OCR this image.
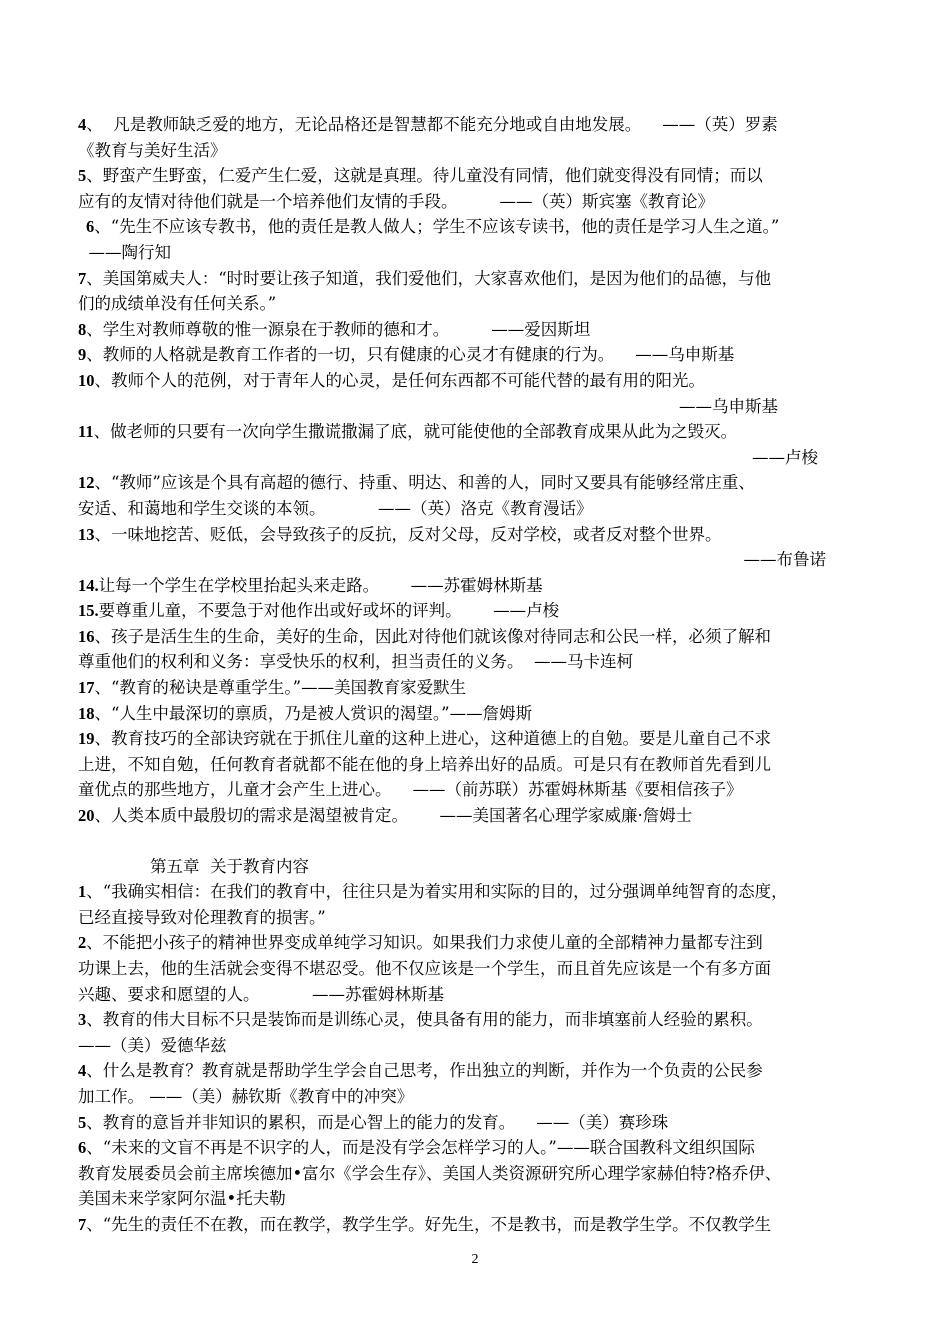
4、  凡是教师缺乏爱的地方，无论品格还是智慧都不能充分地或自由地发展。    ——（英）罗素
《教育与美好生活》
5、野蛮产生野蛮，仁爱产生仁爱，这就是真理。待儿童没有同情，他们就变得没有同情；而以
应有的友情对待他们就是一个培养他们友情的手段。        ——（英）斯宾塞《教育论》
6、“先生不应该专教书，他的责任是教人做人；学生不应该专读书，他的责任是学习人生之道。”
——陶行知
7、美国第威夫人：“时时要让孩子知道，我们爱他们，大家喜欢他们，是因为他们的品德，与他
们的成绩单没有任何关系。”
8、学生对教师尊敬的惟一源泉在于教师的德和才。        ——爱因斯坦
9、教师的人格就是教育工作者的一切，只有健康的心灵才有健康的行为。    ——乌申斯基
10、教师个人的范例，对于青年人的心灵，是任何东西都不可能代替的最有用的阳光。
——乌申斯基
11、做老师的只要有一次向学生撒谎撒漏了底，就可能使他的全部教育成果从此为之毁灭。
——卢梭
12、“教师”应该是个具有高超的德行、持重、明达、和善的人，同时又要具有能够经常庄重、
安适、和蔼地和学生交谈的本领。          ——（英）洛克《教育漫话》
13、一味地挖苦、贬低，会导致孩子的反抗，反对父母，反对学校，或者反对整个世界。
——布鲁诺
14.让每一个学生在学校里抬起头来走路。      ——苏霍姆林斯基
15.要尊重儿童，不要急于对他作出或好或坏的评判。      ——卢梭
16、孩子是活生生的生命，美好的生命，因此对待他们就该像对待同志和公民一样，必须了解和
尊重他们的权利和义务：享受快乐的权利，担当责任的义务。  ——马卡连柯
17、“教育的秘诀是尊重学生。”——美国教育家爱默生
18、“人生中最深切的禀质，乃是被人赏识的渴望。”——詹姆斯
19、教育技巧的全部诀窍就在于抓住儿童的这种上进心，这种道德上的自勉。要是儿童自己不求
上进，不知自勉，任何教育者就都不能在他的身上培养出好的品质。可是只有在教师首先看到儿
童优点的那些地方，儿童才会产生上进心。    ——（前苏联）苏霍姆林斯基《要相信孩子》
20、人类本质中最殷切的需求是渴望被肯定。      ——美国著名心理学家威廉·詹姆士
第五章  关于教育内容
1、“我确实相信：在我们的教育中，往往只是为着实用和实际的目的，过分强调单纯智育的态度，
已经直接导致对伦理教育的损害。”
2、不能把小孩子的精神世界变成单纯学习知识。如果我们力求使儿童的全部精神力量都专注到
功课上去，他的生活就会变得不堪忍受。他不仅应该是一个学生，而且首先应该是一个有多方面
兴趣、要求和愿望的人。          ——苏霍姆林斯基
3、教育的伟大目标不只是装饰而是训练心灵，使具备有用的能力，而非填塞前人经验的累积。
——（美）爱德华兹
4、什么是教育？教育就是帮助学生学会自己思考，作出独立的判断，并作为一个负责的公民参
加工作。 ——（美）赫钦斯《教育中的冲突》
5、教育的意旨并非知识的累积，而是心智上的能力的发育。    ——（美）赛珍珠
6、“未来的文盲不再是不识字的人，而是没有学会怎样学习的人。”——联合国教科文组织国际
教育发展委员会前主席埃德加•富尔《学会生存》、美国人类资源研究所心理学家赫伯特?格乔伊、
美国未来学家阿尔温•托夫勒
7、“先生的责任不在教，而在教学，教学生学。好先生，不是教书，而是教学生学。不仅教学生
2
